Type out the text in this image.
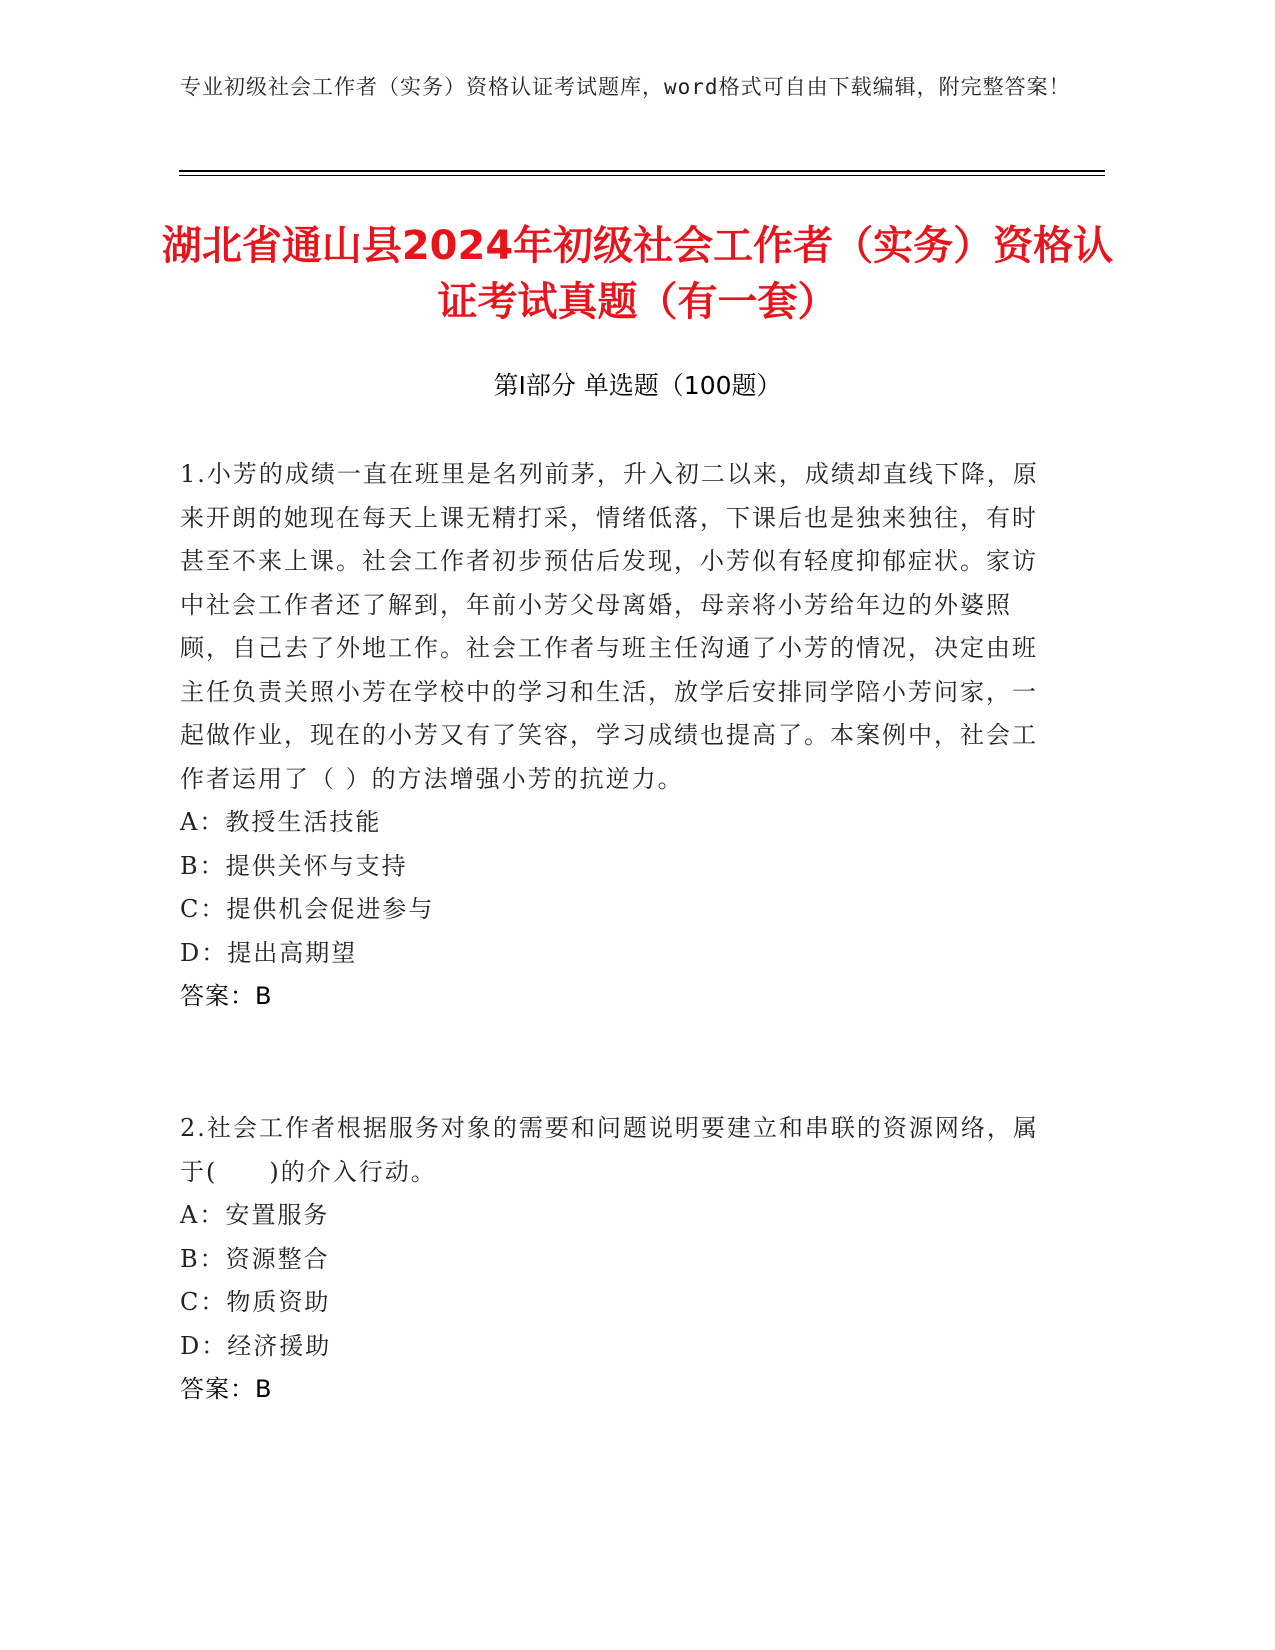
专业初级社会工作者（实务）资格认证考试题库，word格式可自由下载编辑，附完整答案！
湖北省通山县2024年初级社会工作者（实务）资格认证考试真题（有一套）
第Ⅰ部分 单选题（100题）

1.小芳的成绩一直在班里是名列前茅，升入初二以来，成绩却直线下降，原来开朗的她现在每天上课无精打采，情绪低落，下课后也是独来独往，有时甚至不来上课。社会工作者初步预估后发现，小芳似有轻度抑郁症状。家访中社会工作者还了解到，年前小芳父母离婚，母亲将小芳给年边的外婆照顾，自己去了外地工作。社会工作者与班主任沟通了小芳的情况，决定由班主任负责关照小芳在学校中的学习和生活，放学后安排同学陪小芳问家，一起做作业，现在的小芳又有了笑容，学习成绩也提高了。本案例中，社会工作者运用了（ ）的方法增强小芳的抗逆力。

A：教授生活技能

B：提供关怀与支持

C：提供机会促进参与

D：提出高期望

答案：B

2.社会工作者根据服务对象的需要和问题说明要建立和串联的资源网络，属于(　　)的介入行动。

A：安置服务

B：资源整合

C：物质资助

D：经济援助

答案：B
